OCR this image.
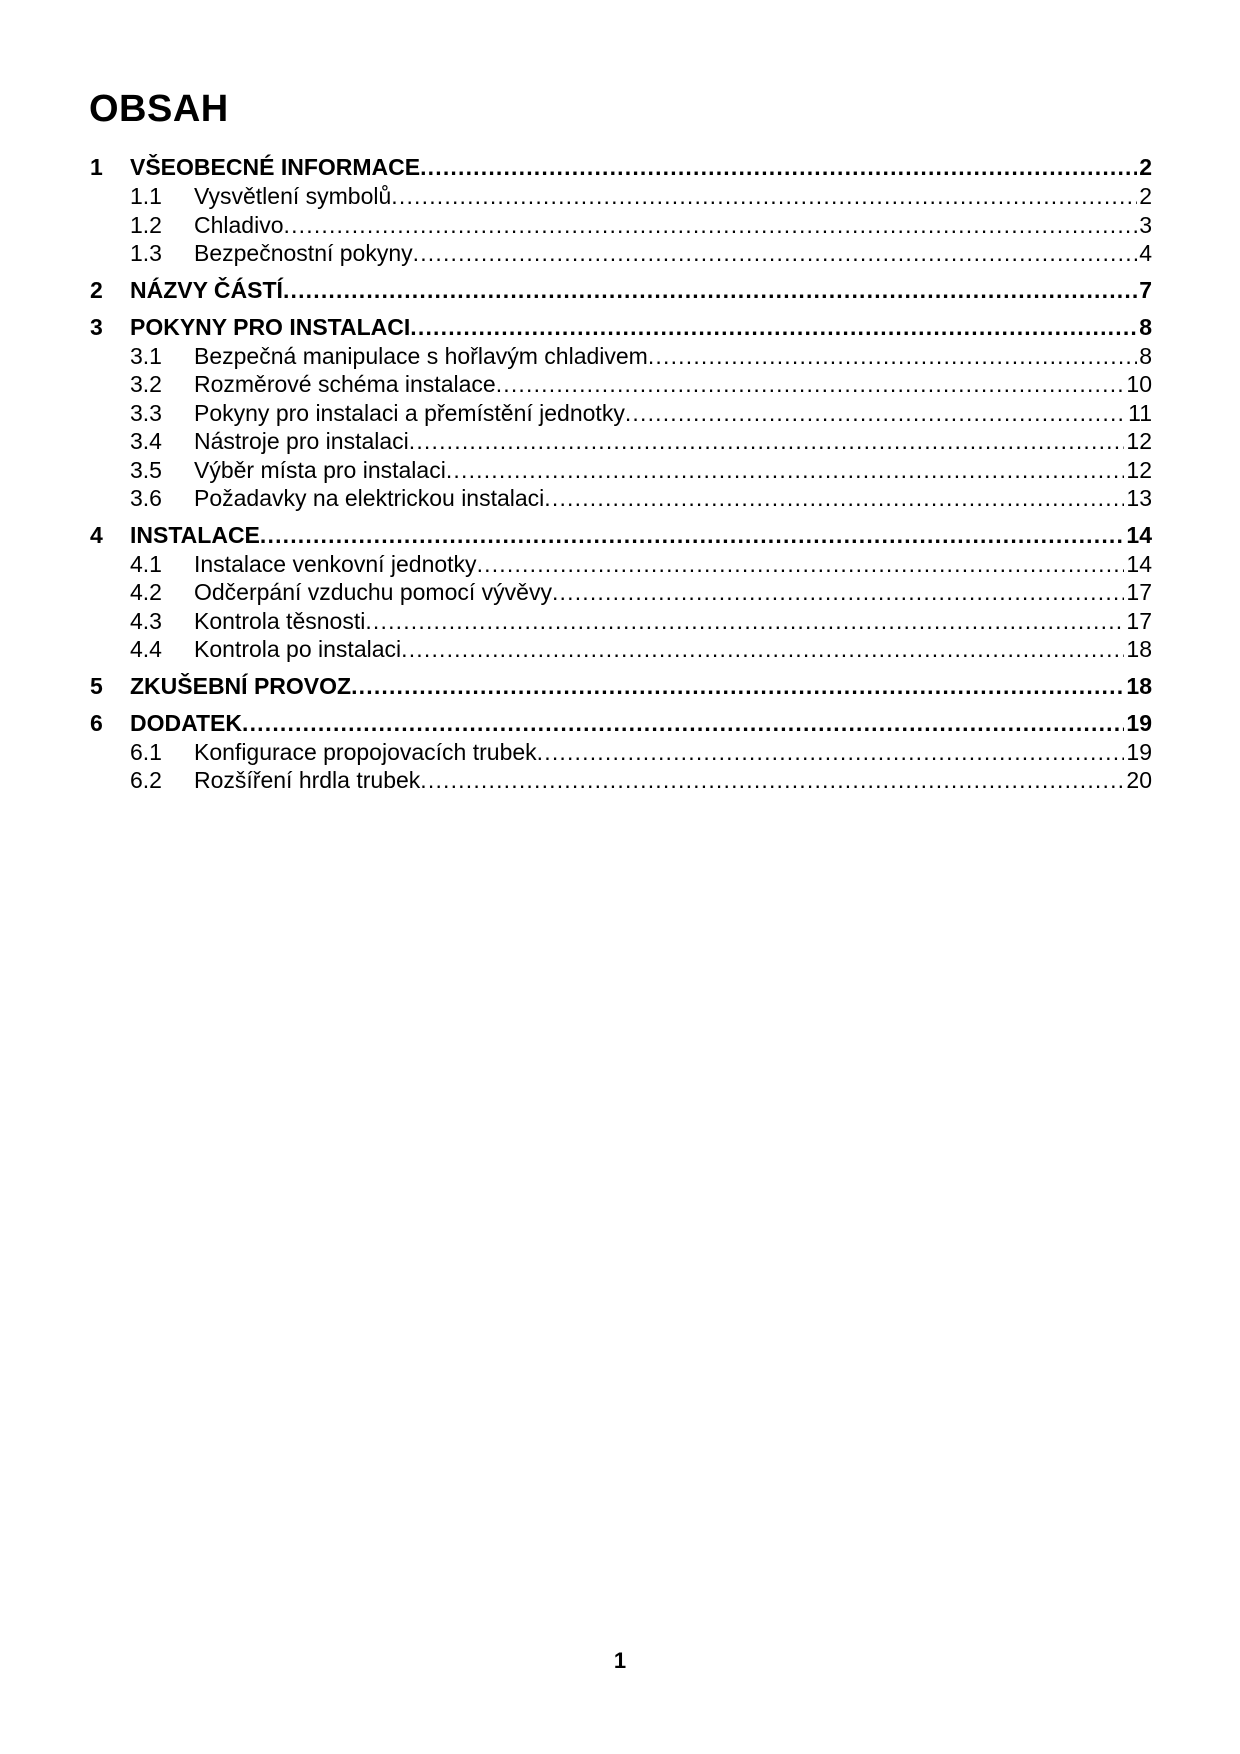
OBSAH
1	VŠEOBECNÉ INFORMACE . . .	2
1.1	Vysvětlení symbolů . . .	2
1.2	Chladivo . . .	3
1.3	Bezpečnostní pokyny . . .	4
2	NÁZVY ČÁSTÍ . . .	7
3	POKYNY PRO INSTALACI . . .	8
3.1	Bezpečná manipulace s hořlavým chladivem . . .	8
3.2	Rozměrové schéma instalace . . .	10
3.3	Pokyny pro instalaci a přemístění jednotky . . .	11
3.4	Nástroje pro instalaci . . .	12
3.5	Výběr místa pro instalaci . . .	12
3.6	Požadavky na elektrickou instalaci . . .	13
4	INSTALACE . . .	14
4.1	Instalace venkovní jednotky . . .	14
4.2	Odčerpání vzduchu pomocí vývěvy . . .	17
4.3	Kontrola těsnosti . . .	17
4.4	Kontrola po instalaci . . .	18
5	ZKUŠEBNÍ PROVOZ . . .	18
6	DODATEK . . .	19
6.1	Konfigurace propojovacích trubek . . .	19
6.2	Rozšíření hrdla trubek . . .	20
1
